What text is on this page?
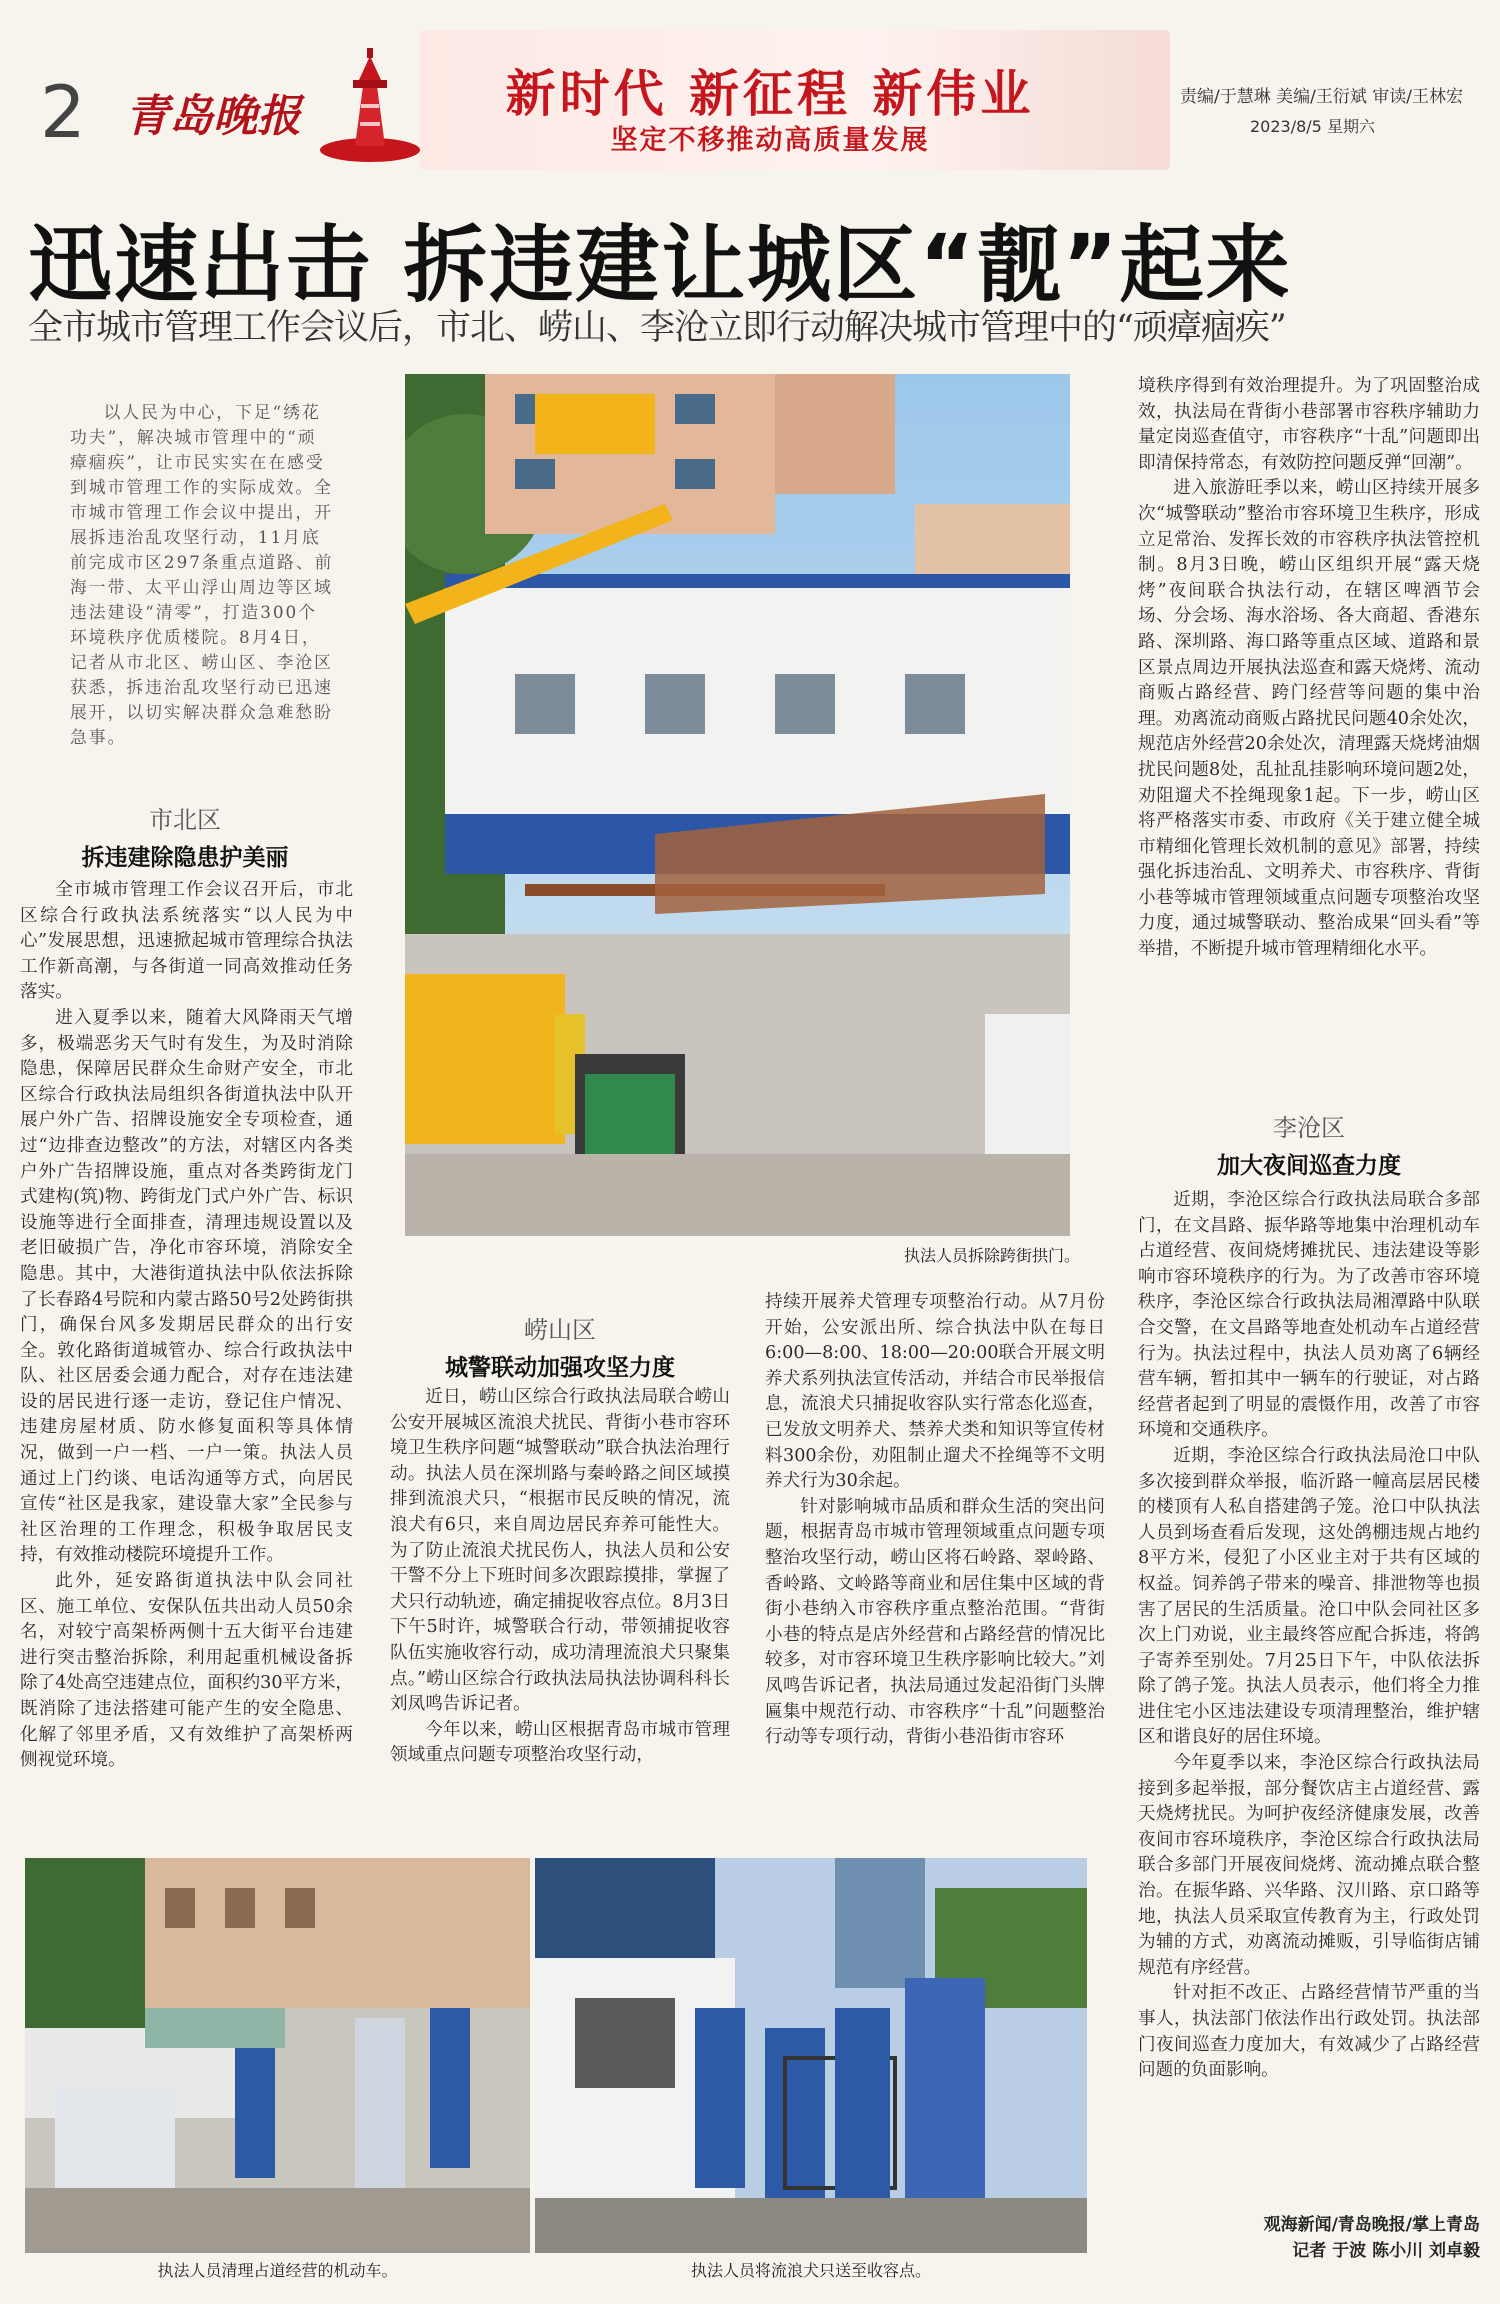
2 青岛晚报	新时代 新征程 新伟业
坚定不移推动高质量发展
责编/于慧琳 美编/王衍斌 审读/王林宏
2023/8/5 星期六
迅速出击 拆违建让城区“靓”起来
全市城市管理工作会议后，市北、崂山、李沧立即行动解决城市管理中的“顽瘴痼疾”
以人民为中心，下足“绣花功夫”，解决城市管理中的“顽瘴痼疾”，让市民实实在在感受到城市管理工作的实际成效。全市城市管理工作会议中提出，开展拆违治乱攻坚行动，11月底前完成市区297条重点道路、前海一带、太平山浮山周边等区域违法建设“清零”，打造300个环境秩序优质楼院。8月4日，记者从市北区、崂山区、李沧区获悉，拆违治乱攻坚行动已迅速展开，以切实解决群众急难愁盼急事。
市北区
拆违建除隐患护美丽

全市城市管理工作会议召开后，市北区综合行政执法系统落实“以人民为中心”发展思想，迅速掀起城市管理综合执法工作新高潮，与各街道一同高效推动任务落实。

进入夏季以来，随着大风降雨天气增多，极端恶劣天气时有发生，为及时消除隐患，保障居民群众生命财产安全，市北区综合行政执法局组织各街道执法中队开展户外广告、招牌设施安全专项检查，通过“边排查边整改”的方法，对辖区内各类户外广告招牌设施，重点对各类跨街龙门式建构(筑)物、跨街龙门式户外广告、标识设施等进行全面排查，清理违规设置以及老旧破损广告，净化市容环境，消除安全隐患。其中，大港街道执法中队依法拆除了长春路4号院和内蒙古路50号2处跨街拱门，确保台风多发期居民群众的出行安全。敦化路街道城管办、综合行政执法中队、社区居委会通力配合，对存在违法建设的居民进行逐一走访，登记住户情况、违建房屋材质、防水修复面积等具体情况，做到一户一档、一户一策。执法人员通过上门约谈、电话沟通等方式，向居民宣传“社区是我家，建设靠大家”全民参与社区治理的工作理念，积极争取居民支持，有效推动楼院环境提升工作。

此外，延安路街道执法中队会同社区、施工单位、安保队伍共出动人员50余名，对较宁高架桥两侧十五大街平台违建进行突击整治拆除，利用起重机械设备拆除了4处高空违建点位，面积约30平方米，既消除了违法搭建可能产生的安全隐患、化解了邻里矛盾，又有效维护了高架桥两侧视觉环境。

执法人员拆除跨街拱门。

境秩序得到有效治理提升。为了巩固整治成效，执法局在背街小巷部署市容秩序辅助力量定岗巡查值守，市容秩序“十乱”问题即出即清保持常态，有效防控问题反弹“回潮”。

进入旅游旺季以来，崂山区持续开展多次“城警联动”整治市容环境卫生秩序，形成立足常治、发挥长效的市容秩序执法管控机制。8月3日晚，崂山区组织开展“露天烧烤”夜间联合执法行动，在辖区啤酒节会场、分会场、海水浴场、各大商超、香港东路、深圳路、海口路等重点区域、道路和景区景点周边开展执法巡查和露天烧烤、流动商贩占路经营、跨门经营等问题的集中治理。劝离流动商贩占路扰民问题40余处次，规范店外经营20余处次，清理露天烧烤油烟扰民问题8处，乱扯乱挂影响环境问题2处，劝阻遛犬不拴绳现象1起。下一步，崂山区将严格落实市委、市政府《关于建立健全城市精细化管理长效机制的意见》部署，持续强化拆违治乱、文明养犬、市容秩序、背街小巷等城市管理领域重点问题专项整治攻坚力度，通过城警联动、整治成果“回头看”等举措，不断提升城市管理精细化水平。

李沧区
加大夜间巡查力度

近期，李沧区综合行政执法局联合多部门，在文昌路、振华路等地集中治理机动车占道经营、夜间烧烤摊扰民、违法建设等影响市容环境秩序的行为。为了改善市容环境秩序，李沧区综合行政执法局湘潭路中队联合交警，在文昌路等地查处机动车占道经营行为。执法过程中，执法人员劝离了6辆经营车辆，暂扣其中一辆车的行驶证，对占路经营者起到了明显的震慑作用，改善了市容环境和交通秩序。

近期，李沧区综合行政执法局沧口中队多次接到群众举报，临沂路一幢高层居民楼的楼顶有人私自搭建鸽子笼。沧口中队执法人员到场查看后发现，这处鸽棚违规占地约8平方米，侵犯了小区业主对于共有区域的权益。饲养鸽子带来的噪音、排泄物等也损害了居民的生活质量。沧口中队会同社区多次上门劝说，业主最终答应配合拆违，将鸽子寄养至别处。7月25日下午，中队依法拆除了鸽子笼。执法人员表示，他们将全力推进住宅小区违法建设专项清理整治，维护辖区和谐良好的居住环境。

今年夏季以来，李沧区综合行政执法局接到多起举报，部分餐饮店主占道经营、露天烧烤扰民。为呵护夜经济健康发展，改善夜间市容环境秩序，李沧区综合行政执法局联合多部门开展夜间烧烤、流动摊点联合整治。在振华路、兴华路、汉川路、京口路等地，执法人员采取宣传教育为主，行政处罚为辅的方式，劝离流动摊贩，引导临街店铺规范有序经营。

针对拒不改正、占路经营情节严重的当事人，执法部门依法作出行政处罚。执法部门夜间巡查力度加大，有效减少了占路经营问题的负面影响。

观海新闻/青岛晚报/掌上青岛
记者 于波 陈小川 刘卓毅
崂山区
城警联动加强攻坚力度

近日，崂山区综合行政执法局联合崂山公安开展城区流浪犬扰民、背街小巷市容环境卫生秩序问题“城警联动”联合执法治理行动。执法人员在深圳路与秦岭路之间区域摸排到流浪犬只，“根据市民反映的情况，流浪犬有6只，来自周边居民弃养可能性大。为了防止流浪犬扰民伤人，执法人员和公安干警不分上下班时间多次跟踪摸排，掌握了犬只行动轨迹，确定捕捉收容点位。8月3日下午5时许，城警联合行动，带领捕捉收容队伍实施收容行动，成功清理流浪犬只聚集点。”崂山区综合行政执法局执法协调科科长刘凤鸣告诉记者。

今年以来，崂山区根据青岛市城市管理领域重点问题专项整治攻坚行动，

持续开展养犬管理专项整治行动。从7月份开始，公安派出所、综合执法中队在每日6:00—8:00、18:00—20:00联合开展文明养犬系列执法宣传活动，并结合市民举报信息，流浪犬只捕捉收容队实行常态化巡查，已发放文明养犬、禁养犬类和知识等宣传材料300余份，劝阻制止遛犬不拴绳等不文明养犬行为30余起。

针对影响城市品质和群众生活的突出问题，根据青岛市城市管理领域重点问题专项整治攻坚行动，崂山区将石岭路、翠岭路、香岭路、文岭路等商业和居住集中区域的背街小巷纳入市容秩序重点整治范围。“背街小巷的特点是店外经营和占路经营的情况比较多，对市容环境卫生秩序影响比较大。”刘凤鸣告诉记者，执法局通过发起沿街门头牌匾集中规范行动、市容秩序“十乱”问题整治行动等专项行动，背街小巷沿街市容环

执法人员清理占道经营的机动车。	执法人员将流浪犬只送至收容点。
